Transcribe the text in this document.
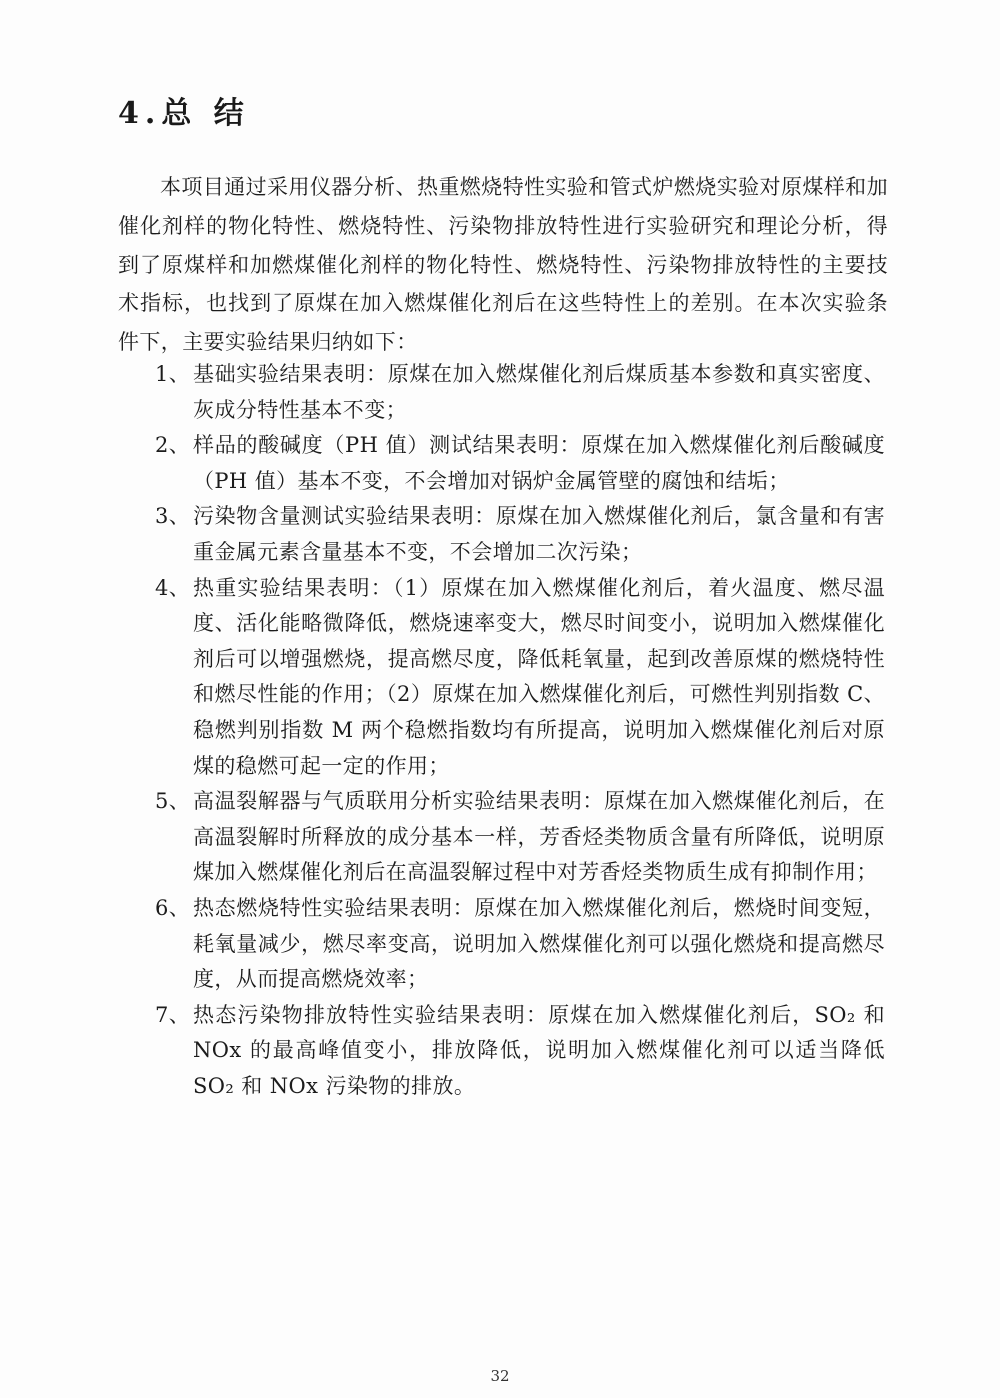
4.总 结

本项目通过采用仪器分析、热重燃烧特性实验和管式炉燃烧实验对原煤样和加催化剂样的物化特性、燃烧特性、污染物排放特性进行实验研究和理论分析，得到了原煤样和加燃煤催化剂样的物化特性、燃烧特性、污染物排放特性的主要技术指标，也找到了原煤在加入燃煤催化剂后在这些特性上的差别。在本次实验条件下，主要实验结果归纳如下：

1、 基础实验结果表明：原煤在加入燃煤催化剂后煤质基本参数和真实密度、灰成分特性基本不变；
2、 样品的酸碱度（PH 值）测试结果表明：原煤在加入燃煤催化剂后酸碱度（PH 值）基本不变，不会增加对锅炉金属管壁的腐蚀和结垢；
3、 污染物含量测试实验结果表明：原煤在加入燃煤催化剂后，氯含量和有害重金属元素含量基本不变，不会增加二次污染；
4、 热重实验结果表明：（1）原煤在加入燃煤催化剂后，着火温度、燃尽温度、活化能略微降低，燃烧速率变大，燃尽时间变小，说明加入燃煤催化剂后可以增强燃烧，提高燃尽度，降低耗氧量，起到改善原煤的燃烧特性和燃尽性能的作用；（2）原煤在加入燃煤催化剂后，可燃性判别指数 C、稳燃判别指数 M 两个稳燃指数均有所提高，说明加入燃煤催化剂后对原煤的稳燃可起一定的作用；
5、 高温裂解器与气质联用分析实验结果表明：原煤在加入燃煤催化剂后，在高温裂解时所释放的成分基本一样，芳香烃类物质含量有所降低，说明原煤加入燃煤催化剂后在高温裂解过程中对芳香烃类物质生成有抑制作用；
6、 热态燃烧特性实验结果表明：原煤在加入燃煤催化剂后，燃烧时间变短，耗氧量减少，燃尽率变高，说明加入燃煤催化剂可以强化燃烧和提高燃尽度，从而提高燃烧效率；
7、 热态污染物排放特性实验结果表明：原煤在加入燃煤催化剂后，SO₂ 和 NOx 的最高峰值变小，排放降低，说明加入燃煤催化剂可以适当降低 SO₂ 和 NOx 污染物的排放。
32
